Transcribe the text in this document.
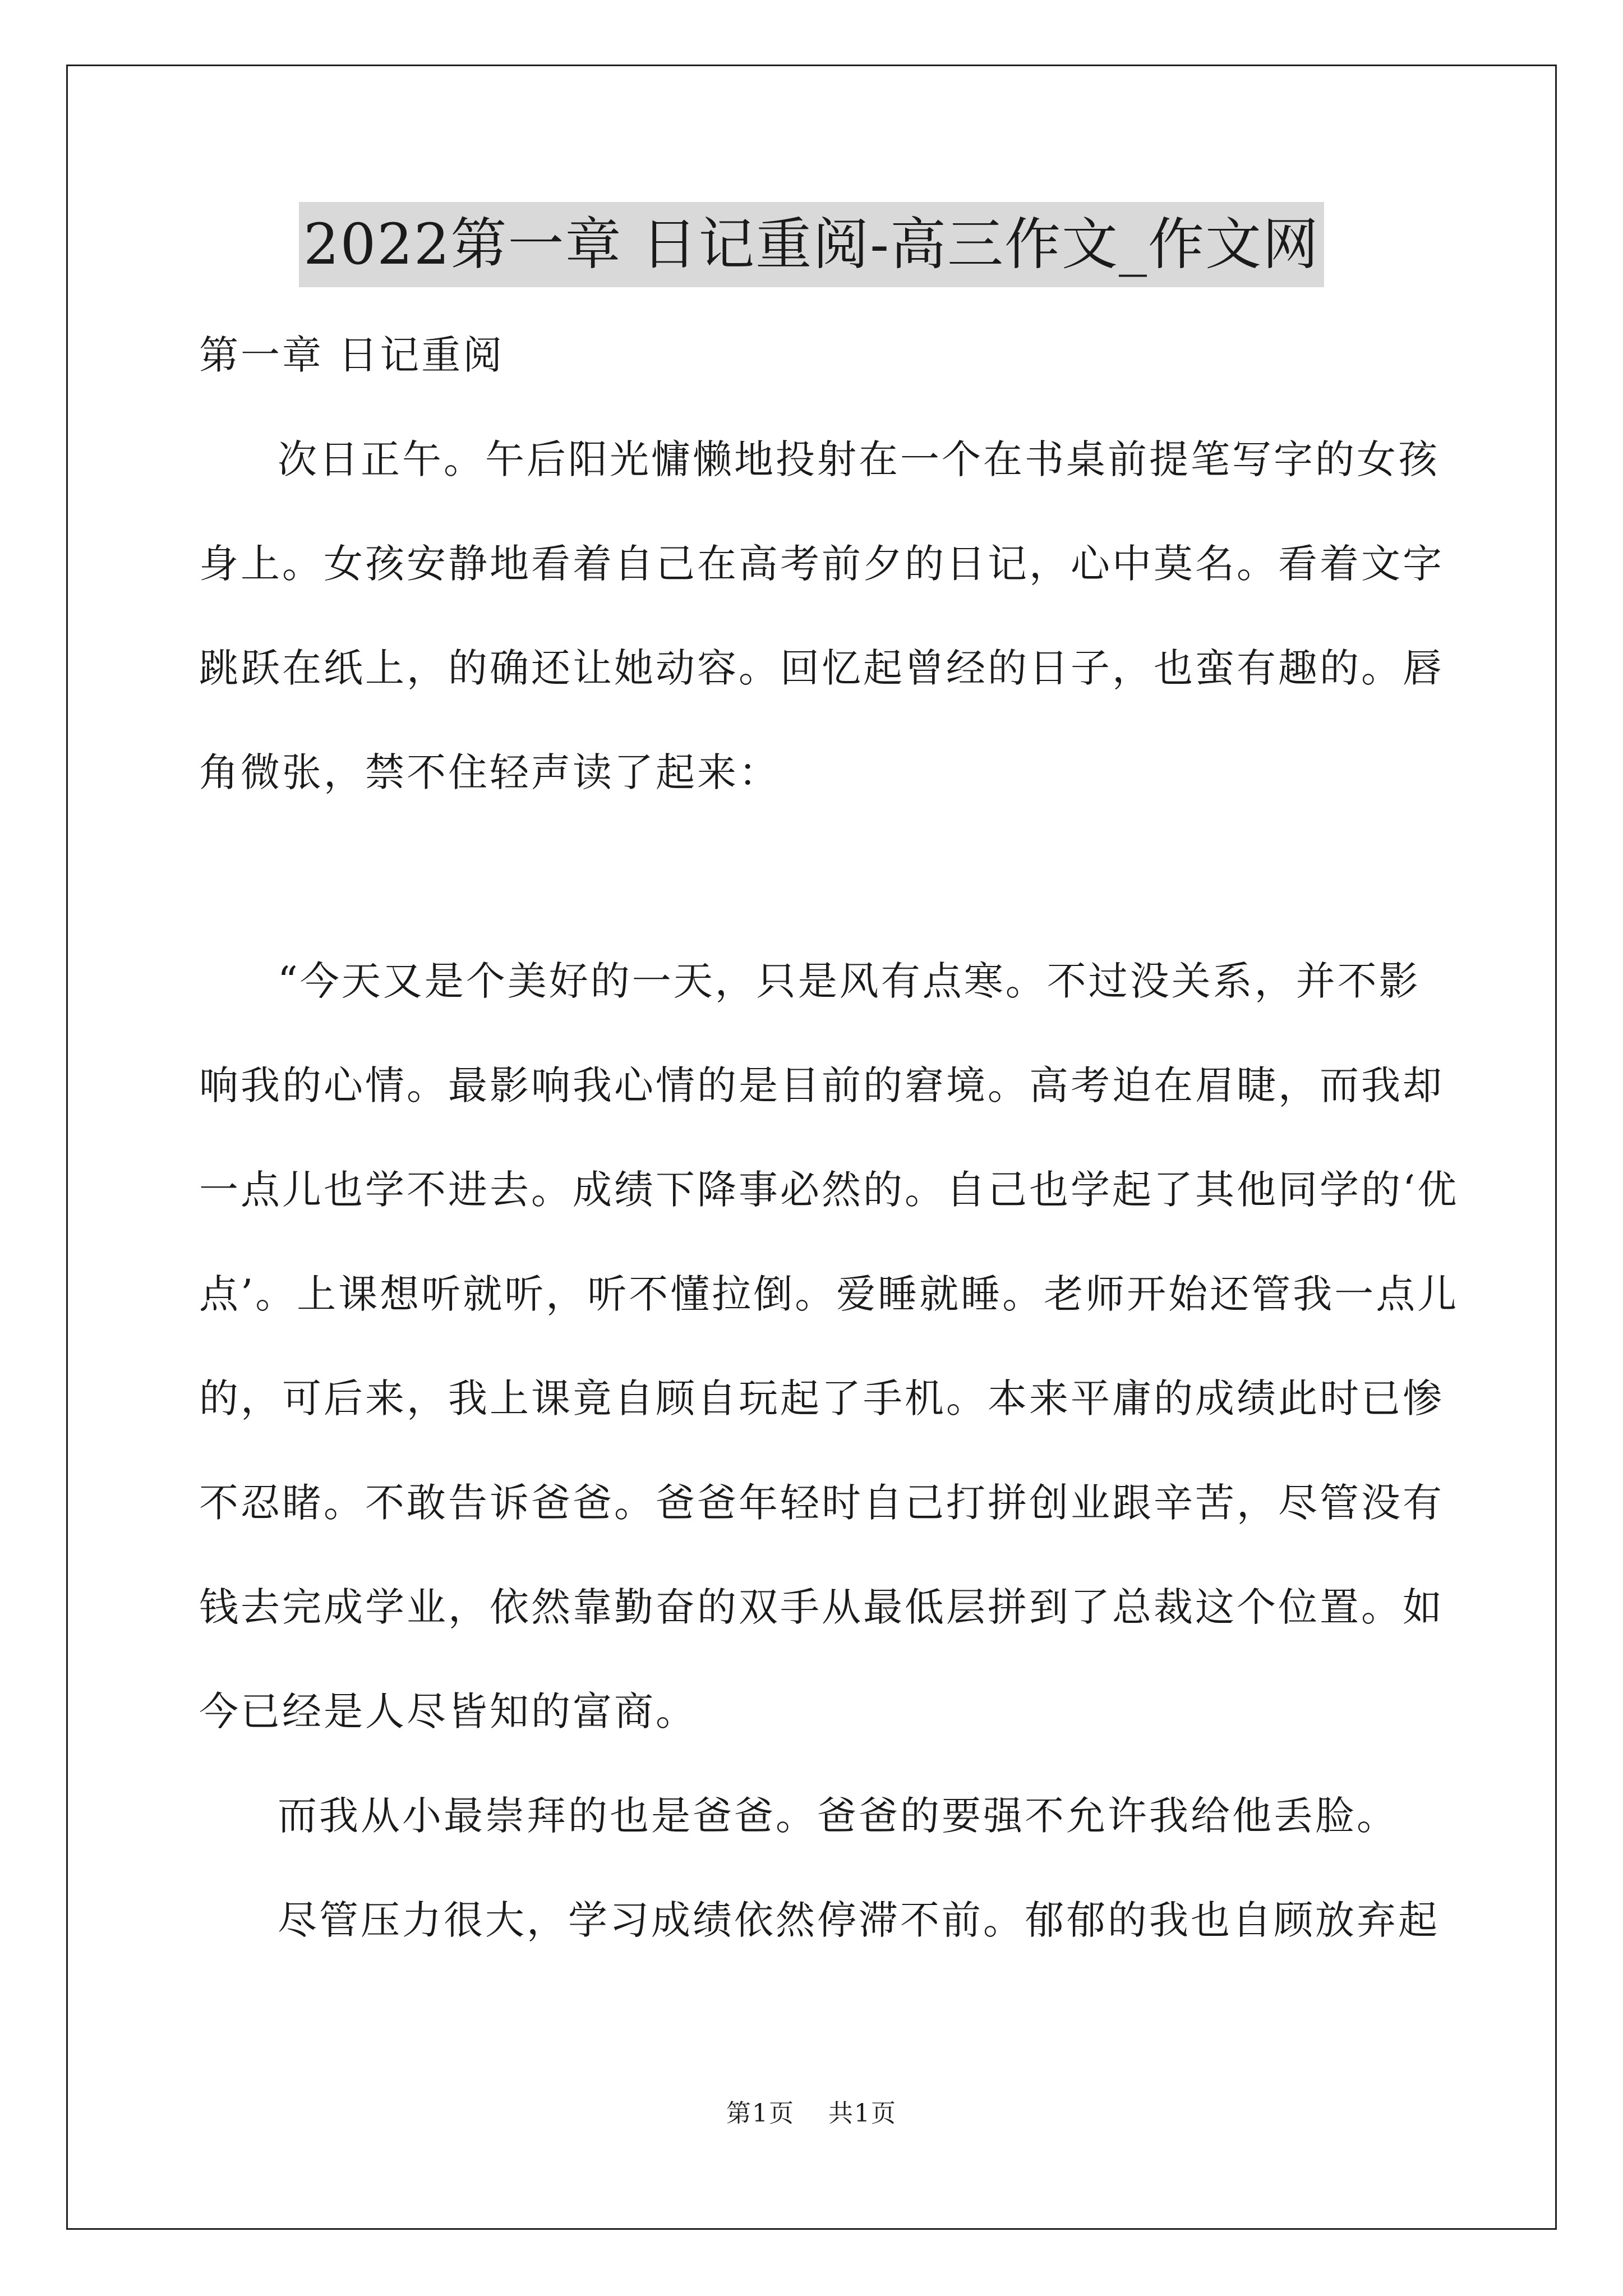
2022第一章 日记重阅-高三作文_作文网
第一章 日记重阅
次日正午。午后阳光慵懒地投射在一个在书桌前提笔写字的女孩
身上。女孩安静地看着自己在高考前夕的日记，心中莫名。看着文字
跳跃在纸上，的确还让她动容。回忆起曾经的日子，也蛮有趣的。唇
角微张，禁不住轻声读了起来：
“今天又是个美好的一天，只是风有点寒。不过没关系，并不影
响我的心情。最影响我心情的是目前的窘境。高考迫在眉睫，而我却
一点儿也学不进去。成绩下降事必然的。自己也学起了其他同学的‘优
点’。上课想听就听，听不懂拉倒。爱睡就睡。老师开始还管我一点儿
的，可后来，我上课竟自顾自玩起了手机。本来平庸的成绩此时已惨
不忍睹。不敢告诉爸爸。爸爸年轻时自己打拼创业跟辛苦，尽管没有
钱去完成学业，依然靠勤奋的双手从最低层拼到了总裁这个位置。如
今已经是人尽皆知的富商。
而我从小最崇拜的也是爸爸。爸爸的要强不允许我给他丢脸。
尽管压力很大，学习成绩依然停滞不前。郁郁的我也自顾放弃起
第1页 共1页
